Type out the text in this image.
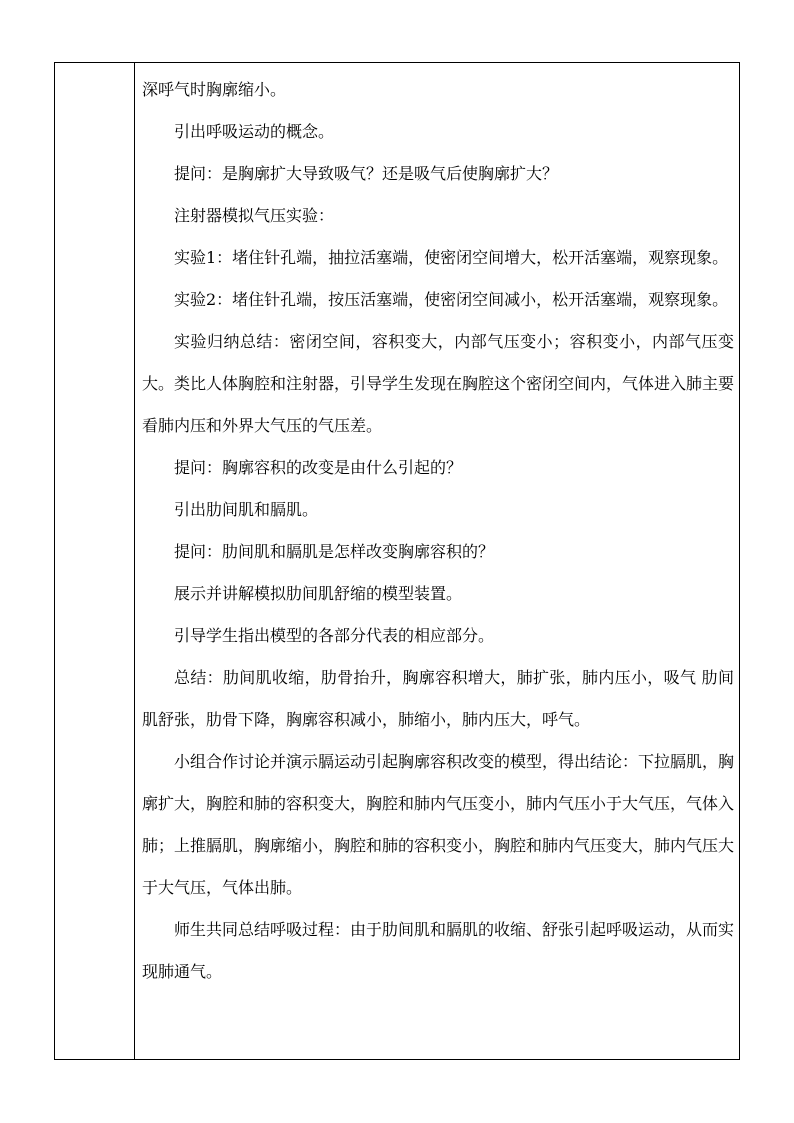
深呼气时胸廓缩小。

引出呼吸运动的概念。

提问：是胸廓扩大导致吸气？还是吸气后使胸廓扩大？

注射器模拟气压实验：

实验1：堵住针孔端，抽拉活塞端，使密闭空间增大，松开活塞端，观察现象。

实验2：堵住针孔端，按压活塞端，使密闭空间减小，松开活塞端，观察现象。

实验归纳总结：密闭空间，容积变大，内部气压变小；容积变小，内部气压变大。类比人体胸腔和注射器，引导学生发现在胸腔这个密闭空间内，气体进入肺主要看肺内压和外界大气压的气压差。

提问：胸廓容积的改变是由什么引起的？

引出肋间肌和膈肌。

提问：肋间肌和膈肌是怎样改变胸廓容积的？

展示并讲解模拟肋间肌舒缩的模型装置。

引导学生指出模型的各部分代表的相应部分。

总结：肋间肌收缩，肋骨抬升，胸廓容积增大，肺扩张，肺内压小，吸气 肋间肌舒张，肋骨下降，胸廓容积减小，肺缩小，肺内压大，呼气。

小组合作讨论并演示膈运动引起胸廓容积改变的模型，得出结论：下拉膈肌，胸廓扩大，胸腔和肺的容积变大，胸腔和肺内气压变小，肺内气压小于大气压，气体入肺；上推膈肌，胸廓缩小，胸腔和肺的容积变小，胸腔和肺内气压变大，肺内气压大于大气压，气体出肺。

师生共同总结呼吸过程：由于肋间肌和膈肌的收缩、舒张引起呼吸运动，从而实现肺通气。
